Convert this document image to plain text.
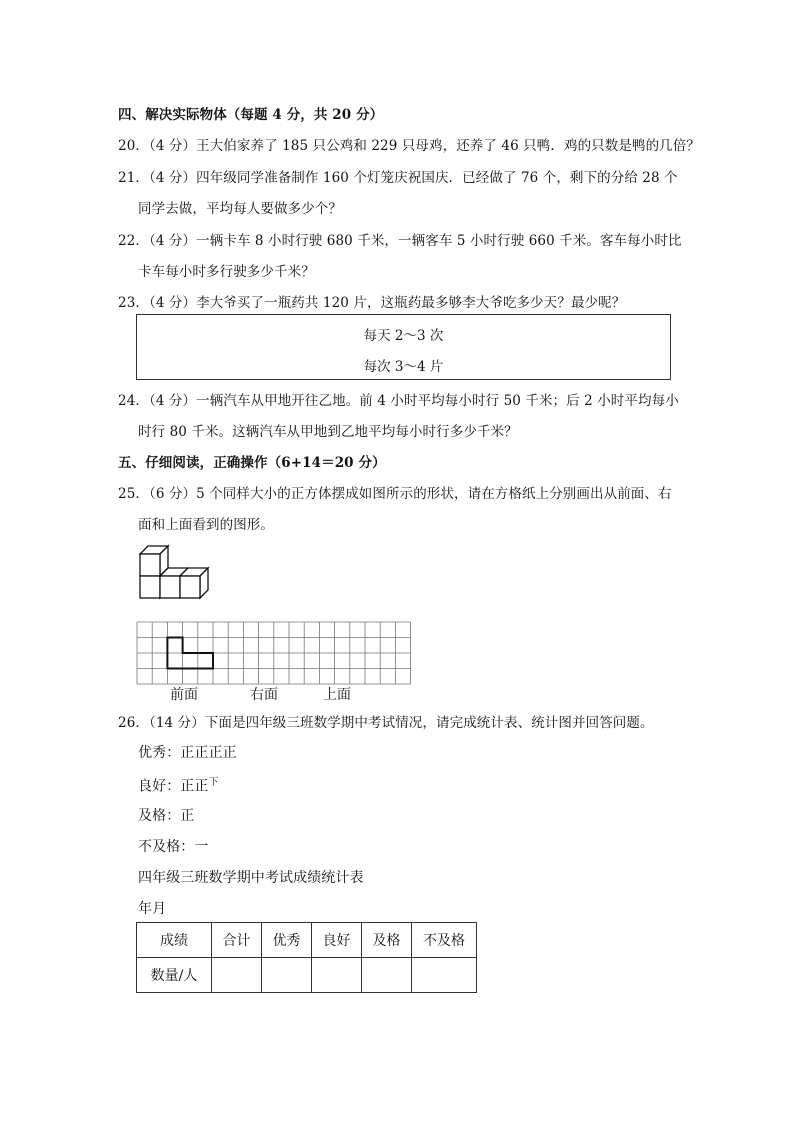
四、解决实际物体（每题 4 分，共 20 分）
20．（4 分）王大伯家养了 185 只公鸡和 229 只母鸡，还养了 46 只鸭．鸡的只数是鸭的几倍？
21．（4 分）四年级同学准备制作 160 个灯笼庆祝国庆．已经做了 76 个，剩下的分给 28 个
同学去做，平均每人要做多少个？
22．（4 分）一辆卡车 8 小时行驶 680 千米，一辆客车 5 小时行驶 660 千米。客车每小时比
卡车每小时多行驶多少千米？
23．（4 分）李大爷买了一瓶药共 120 片，这瓶药最多够李大爷吃多少天？最少呢？
每天 2～3 次
每次 3～4 片
24．（4 分）一辆汽车从甲地开往乙地。前 4 小时平均每小时行 50 千米；后 2 小时平均每小
时行 80 千米。这辆汽车从甲地到乙地平均每小时行多少千米？
五、仔细阅读，正确操作（6+14＝20 分）
25．（6 分）5 个同样大小的正方体摆成如图所示的形状，请在方格纸上分别画出从前面、右
面和上面看到的图形。
前面	右面	上面
26．（14 分）下面是四年级三班数学期中考试情况，请完成统计表、统计图并回答问题。
优秀：正正正正
良好：正正$^下$
及格：正
不及格：一
四年级三班数学期中考试成绩统计表
年月
成绩	合计	优秀	良好	及格	不及格
数量/人					
